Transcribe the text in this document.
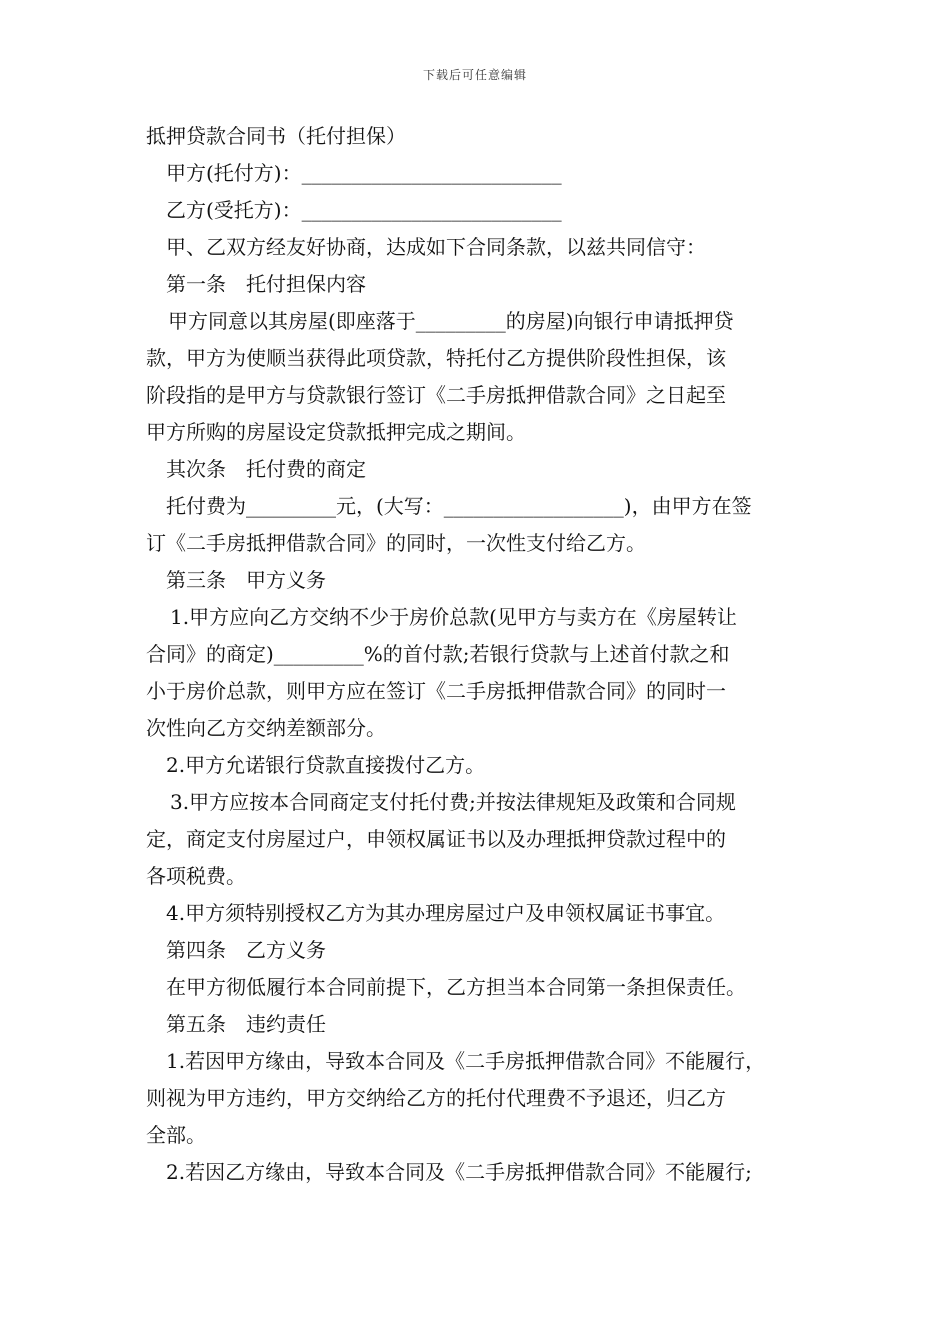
下载后可任意编辑

抵押贷款合同书（托付担保）

甲方(托付方)：__________________________

乙方(受托方)：__________________________

甲、乙双方经友好协商，达成如下合同条款，以兹共同信守：

第一条　托付担保内容

甲方同意以其房屋(即座落于_________的房屋)向银行申请抵押贷

款，甲方为使顺当获得此项贷款，特托付乙方提供阶段性担保，该

阶段指的是甲方与贷款银行签订《二手房抵押借款合同》之日起至

甲方所购的房屋设定贷款抵押完成之期间。

其次条　托付费的商定

托付费为_________元，(大写：__________________)，由甲方在签

订《二手房抵押借款合同》的同时，一次性支付给乙方。

第三条　甲方义务

1.甲方应向乙方交纳不少于房价总款(见甲方与卖方在《房屋转让

合同》的商定)_________%的首付款;若银行贷款与上述首付款之和

小于房价总款，则甲方应在签订《二手房抵押借款合同》的同时一

次性向乙方交纳差额部分。

2.甲方允诺银行贷款直接拨付乙方。

3.甲方应按本合同商定支付托付费;并按法律规矩及政策和合同规

定，商定支付房屋过户，申领权属证书以及办理抵押贷款过程中的

各项税费。

4.甲方须特别授权乙方为其办理房屋过户及申领权属证书事宜。

第四条　乙方义务

在甲方彻低履行本合同前提下，乙方担当本合同第一条担保责任。

第五条　违约责任

1.若因甲方缘由，导致本合同及《二手房抵押借款合同》不能履行，

则视为甲方违约，甲方交纳给乙方的托付代理费不予退还，归乙方

全部。

2.若因乙方缘由，导致本合同及《二手房抵押借款合同》不能履行;
